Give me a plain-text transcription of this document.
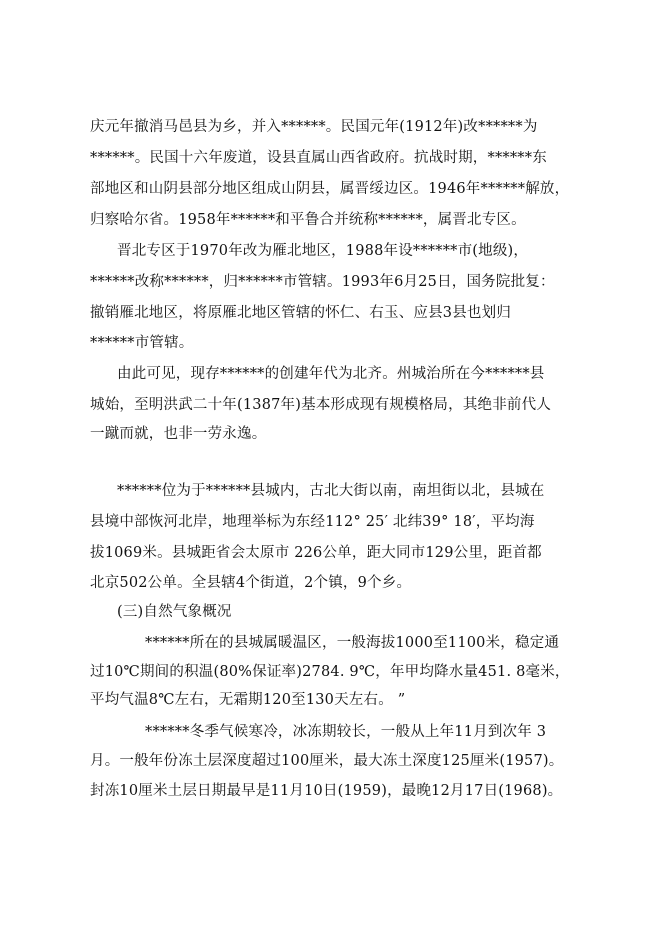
庆元年撤消马邑县为乡，并入******。民国元年(1912年)改******为
******。民国十六年废道，设县直属山西省政府。抗战时期，******东
部地区和山阴县部分地区组成山阴县，属晋绥边区。1946年******解放，
归察哈尔省。1958年******和平鲁合并统称******，属晋北专区。
晋北专区于1970年改为雁北地区，1988年设******市(地级)，
******改称******，归******市管辖。1993年6月25日，国务院批复：
撤销雁北地区，将原雁北地区管辖的怀仁、右玉、应县3县也划归
******市管辖。
由此可见，现存******的创建年代为北齐。州城治所在今******县
城始，至明洪武二十年(1387年)基本形成现有规模格局，其绝非前代人
一蹴而就，也非一劳永逸。
******位为于******县城内，古北大街以南，南坦街以北，县城在
县境中部恢河北岸，地理举标为东经112° 25′ 北纬39° 18′，平均海
拔1069米。县城距省会太原市 226公单，距大同市129公里，距首都
北京502公单。全县辖4个街道，2个镇，9个乡。
(三)自然气象概况
******所在的县城属暖温区，一般海拔1000至1100米，稳定通
过10℃期间的积温(80%保证率)2784. 9℃，年甲均降水量451. 8毫米，
平均气温8℃左右，无霜期120至130天左右。 ”
******冬季气候寒冷，冰冻期较长，一般从上年11月到次年 3
月。一般年份冻土层深度超过100厘米，最大冻土深度125厘米(1957)。
封冻10厘米土层日期最早是11月10日(1959)，最晚12月17日(1968)。
